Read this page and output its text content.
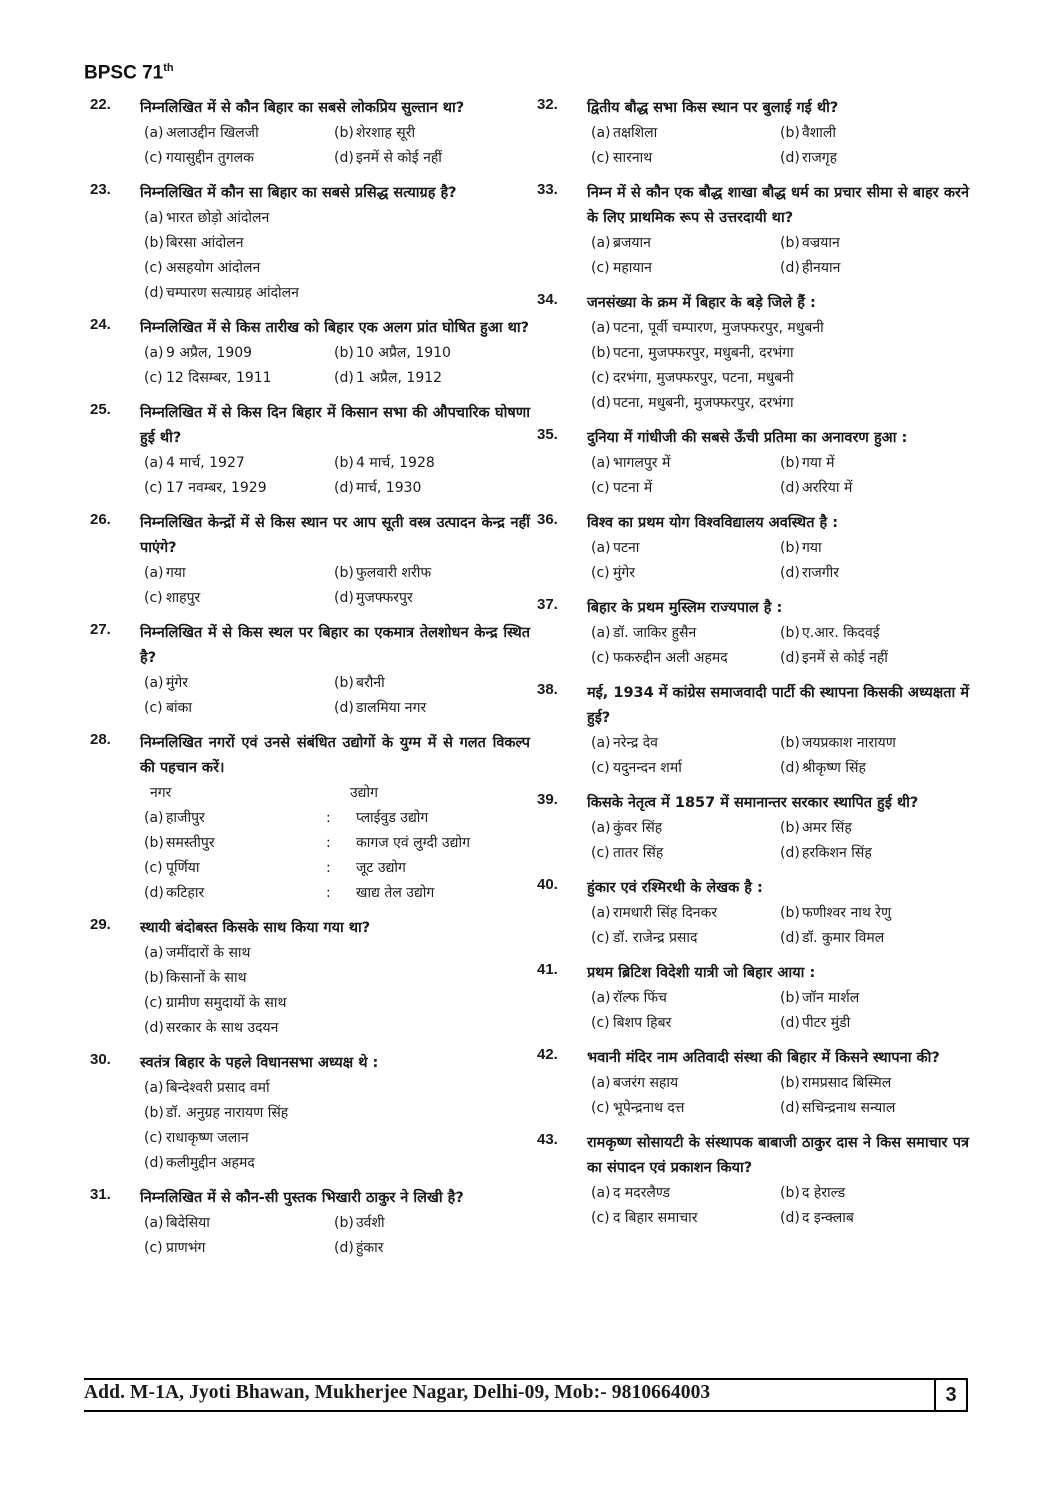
BPSC 71th
22. निम्नलिखित में से कौन बिहार का सबसे लोकप्रिय सुल्तान था?
(a) अलाउद्दीन खिलजी	(b) शेरशाह सूरी
(c) गयासुद्दीन तुगलक	(d) इनमें से कोई नहीं
23. निम्नलिखित में कौन सा बिहार का सबसे प्रसिद्ध सत्याग्रह है?
(a) भारत छोड़ो आंदोलन
(b) बिरसा आंदोलन
(c) असहयोग आंदोलन
(d) चम्पारण सत्याग्रह आंदोलन
24. निम्नलिखित में से किस तारीख को बिहार एक अलग प्रांत घोषित हुआ था?
(a) 9 अप्रैल, 1909	(b) 10 अप्रैल, 1910
(c) 12 दिसम्बर, 1911	(d) 1 अप्रैल, 1912
25. निम्नलिखित में से किस दिन बिहार में किसान सभा की औपचारिक घोषणा हुई थी?
(a) 4 मार्च, 1927	(b) 4 मार्च, 1928
(c) 17 नवम्बर, 1929	(d) मार्च, 1930
26. निम्नलिखित केन्द्रों में से किस स्थान पर आप सूती वस्त्र उत्पादन केन्द्र नहीं पाएंगे?
(a) गया	(b) फुलवारी शरीफ
(c) शाहपुर	(d) मुजफ्फरपुर
27. निम्नलिखित में से किस स्थल पर बिहार का एकमात्र तेलशोधन केन्द्र स्थित है?
(a) मुंगेर	(b) बरौनी
(c) बांका	(d) डालमिया नगर
28. निम्नलिखित नगरों एवं उनसे संबंधित उद्योगों के युग्म में से गलत विकल्प की पहचान करें।
नगर	उद्योग
(a) हाजीपुर	:	प्लाईवुड उद्योग
(b) समस्तीपुर	:	कागज एवं लुग्दी उद्योग
(c) पूर्णिया	:	जूट उद्योग
(d) कटिहार	:	खाद्य तेल उद्योग
29. स्थायी बंदोबस्त किसके साथ किया गया था?
(a) जमींदारों के साथ
(b) किसानों के साथ
(c) ग्रामीण समुदायों के साथ
(d) सरकार के साथ उदयन
30. स्वतंत्र बिहार के पहले विधानसभा अध्यक्ष थे :
(a) बिन्देश्वरी प्रसाद वर्मा
(b) डॉ. अनुग्रह नारायण सिंह
(c) राधाकृष्ण जलान
(d) कलीमुद्दीन अहमद
31. निम्नलिखित में से कौन-सी पुस्तक भिखारी ठाकुर ने लिखी है?
(a) बिदेसिया	(b) उर्वशी
(c) प्राणभंग	(d) हुंकार
32. द्वितीय बौद्ध सभा किस स्थान पर बुलाई गई थी?
(a) तक्षशिला	(b) वैशाली
(c) सारनाथ	(d) राजगृह
33. निम्न में से कौन एक बौद्ध शाखा बौद्ध धर्म का प्रचार सीमा से बाहर करने के लिए प्राथमिक रूप से उत्तरदायी था?
(a) ब्रजयान	(b) वज्रयान
(c) महायान	(d) हीनयान
34. जनसंख्या के क्रम में बिहार के बड़े जिले हैं :
(a) पटना, पूर्वी चम्पारण, मुजफ्फरपुर, मधुबनी
(b) पटना, मुजफ्फरपुर, मधुबनी, दरभंगा
(c) दरभंगा, मुजफ्फरपुर, पटना, मधुबनी
(d) पटना, मधुबनी, मुजफ्फरपुर, दरभंगा
35. दुनिया में गांधीजी की सबसे ऊँची प्रतिमा का अनावरण हुआ :
(a) भागलपुर में	(b) गया में
(c) पटना में	(d) अररिया में
36. विश्व का प्रथम योग विश्वविद्यालय अवस्थित है :
(a) पटना	(b) गया
(c) मुंगेर	(d) राजगीर
37. बिहार के प्रथम मुस्लिम राज्यपाल है :
(a) डॉ. जाकिर हुसैन	(b) ए.आर. किदवई
(c) फकरुद्दीन अली अहमद	(d) इनमें से कोई नहीं
38. मई, 1934 में कांग्रेस समाजवादी पार्टी की स्थापना किसकी अध्यक्षता में हुई?
(a) नरेन्द्र देव	(b) जयप्रकाश नारायण
(c) यदुनन्दन शर्मा	(d) श्रीकृष्ण सिंह
39. किसके नेतृत्व में 1857 में समानान्तर सरकार स्थापित हुई थी?
(a) कुंवर सिंह	(b) अमर सिंह
(c) तातर सिंह	(d) हरकिशन सिंह
40. हुंकार एवं रश्मिरथी के लेखक है :
(a) रामधारी सिंह दिनकर	(b) फणीश्वर नाथ रेणु
(c) डॉ. राजेन्द्र प्रसाद	(d) डॉ. कुमार विमल
41. प्रथम ब्रिटिश विदेशी यात्री जो बिहार आया :
(a) रॉल्फ फिंच	(b) जॉन मार्शल
(c) बिशप हिबर	(d) पीटर मुंडी
42. भवानी मंदिर नाम अतिवादी संस्था की बिहार में किसने स्थापना की?
(a) बजरंग सहाय	(b) रामप्रसाद बिस्मिल
(c) भूपेन्द्रनाथ दत्त	(d) सचिन्द्रनाथ सन्याल
43. रामकृष्ण सोसायटी के संस्थापक बाबाजी ठाकुर दास ने किस समाचार पत्र का संपादन एवं प्रकाशन किया?
(a) द मदरलैण्ड	(b) द हेराल्ड
(c) द बिहार समाचार	(d) द इन्क्लाब
Add. M-1A, Jyoti Bhawan, Mukherjee Nagar, Delhi-09, Mob:- 9810664003	3
